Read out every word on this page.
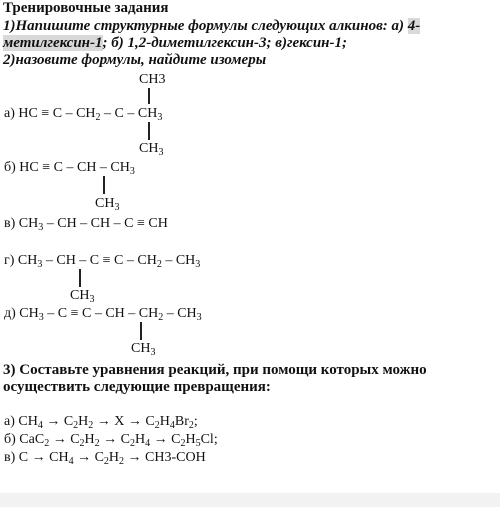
Тренировочные задания
1)Напишите структурные формулы следующих алкинов: а) 4-
метилгексин-1; б) 1,2-диметилгексин-3; в)гексин-1;
2)назовите формулы, найдите изомеры
CH3
а) HC ≡ C – $CH_2$ – C – $CH_3$
$CH_3$
б) HC ≡ C – CH – $CH_3$
$CH_3$
в) $CH_3$ – CH – CH – C ≡ CH
г) $CH_3$ – CH – $C \equiv C - CH_2 - CH_3$
$CH_3$
д) $CH_3 - C \equiv C$ – CH – $CH_2 - CH_3$
$CH_3$
3) Составьте уравнения реакций, при помощи которых можно
осуществить следующие превращения:
а) $CH_4 \to C_2H_2 \to X \to C_2H_4Br_2$;
б) $CaC_2 \to C_2H_2 \to C_2H_4 \to C_2H_5Cl$;
в) $C \to CH_4 \to C_2H_2 \to CH3-COH$
